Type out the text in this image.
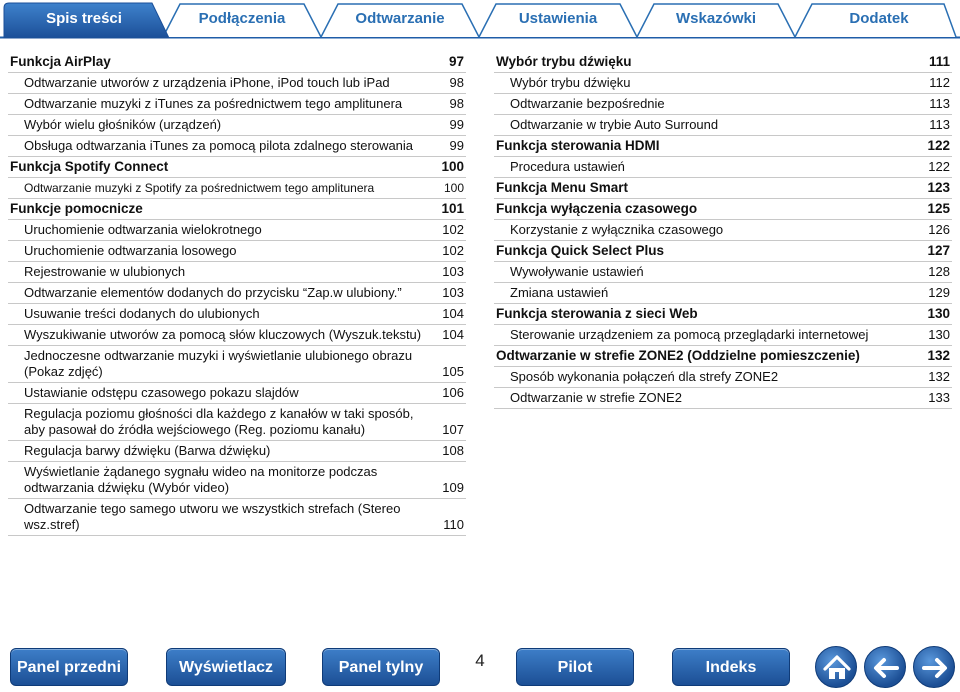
Spis treści	Podłączenia	Odtwarzanie	Ustawienia	Wskazówki	Dodatek
Funkcja AirPlay	97
Odtwarzanie utworów z urządzenia iPhone, iPod touch lub iPad	98
Odtwarzanie muzyki z iTunes za pośrednictwem tego amplitunera	98
Wybór wielu głośników (urządzeń)	99
Obsługa odtwarzania iTunes za pomocą pilota zdalnego sterowania	99
Funkcja Spotify Connect	100
Odtwarzanie muzyki z Spotify za pośrednictwem tego amplitunera	100
Funkcje pomocnicze	101
Uruchomienie odtwarzania wielokrotnego	102
Uruchomienie odtwarzania losowego	102
Rejestrowanie w ulubionych	103
Odtwarzanie elementów dodanych do przycisku “Zap.w ulubiony.”	103
Usuwanie treści dodanych do ulubionych	104
Wyszukiwanie utworów za pomocą słów kluczowych (Wyszuk.tekstu)	104
Jednoczesne odtwarzanie muzyki i wyświetlanie ulubionego obrazu (Pokaz zdjęć)	105
Ustawianie odstępu czasowego pokazu slajdów	106
Regulacja poziomu głośności dla każdego z kanałów w taki sposób, aby pasował do źródła wejściowego (Reg. poziomu kanału)	107
Regulacja barwy dźwięku (Barwa dźwięku)	108
Wyświetlanie żądanego sygnału wideo na monitorze podczas odtwarzania dźwięku (Wybór video)	109
Odtwarzanie tego samego utworu we wszystkich strefach (Stereo wsz.stref)	110
Wybór trybu dźwięku	111
Wybór trybu dźwięku	112
Odtwarzanie bezpośrednie	113
Odtwarzanie w trybie Auto Surround	113
Funkcja sterowania HDMI	122
Procedura ustawień	122
Funkcja Menu Smart	123
Funkcja wyłączenia czasowego	125
Korzystanie z wyłącznika czasowego	126
Funkcja Quick Select Plus	127
Wywoływanie ustawień	128
Zmiana ustawień	129
Funkcja sterowania z sieci Web	130
Sterowanie urządzeniem za pomocą przeglądarki internetowej	130
Odtwarzanie w strefie ZONE2 (Oddzielne pomieszczenie)	132
Sposób wykonania połączeń dla strefy ZONE2	132
Odtwarzanie w strefie ZONE2	133
Panel przedni	Wyświetlacz	Panel tylny	4	Pilot	Indeks
